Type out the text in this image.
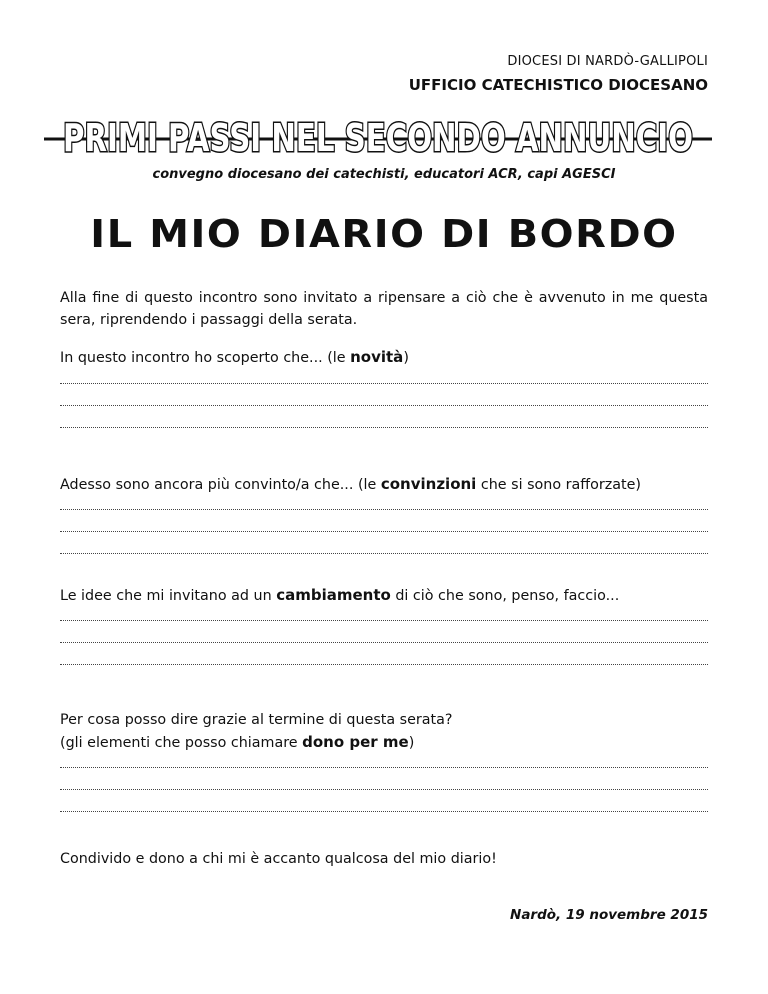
DIOCESI DI NARDÒ-GALLIPOLI
UFFICIO CATECHISTICO DIOCESANO
PRIMI PASSI NEL SECONDO ANNUNCIO
convegno diocesano dei catechisti, educatori ACR, capi AGESCI
IL MIO DIARIO DI BORDO
Alla fine di questo incontro sono invitato a ripensare a ciò che è avvenuto in me questa sera, riprendendo i passaggi della serata.
In questo incontro ho scoperto che... (le novità)
Adesso sono ancora più convinto/a che... (le convinzioni che si sono rafforzate)
Le idee che mi invitano ad un cambiamento di ciò che sono, penso, faccio...
Per cosa posso dire grazie al termine di questa serata?
(gli elementi che posso chiamare dono per me)
Condivido e dono a chi mi è accanto qualcosa del mio diario!
Nardò, 19 novembre 2015
